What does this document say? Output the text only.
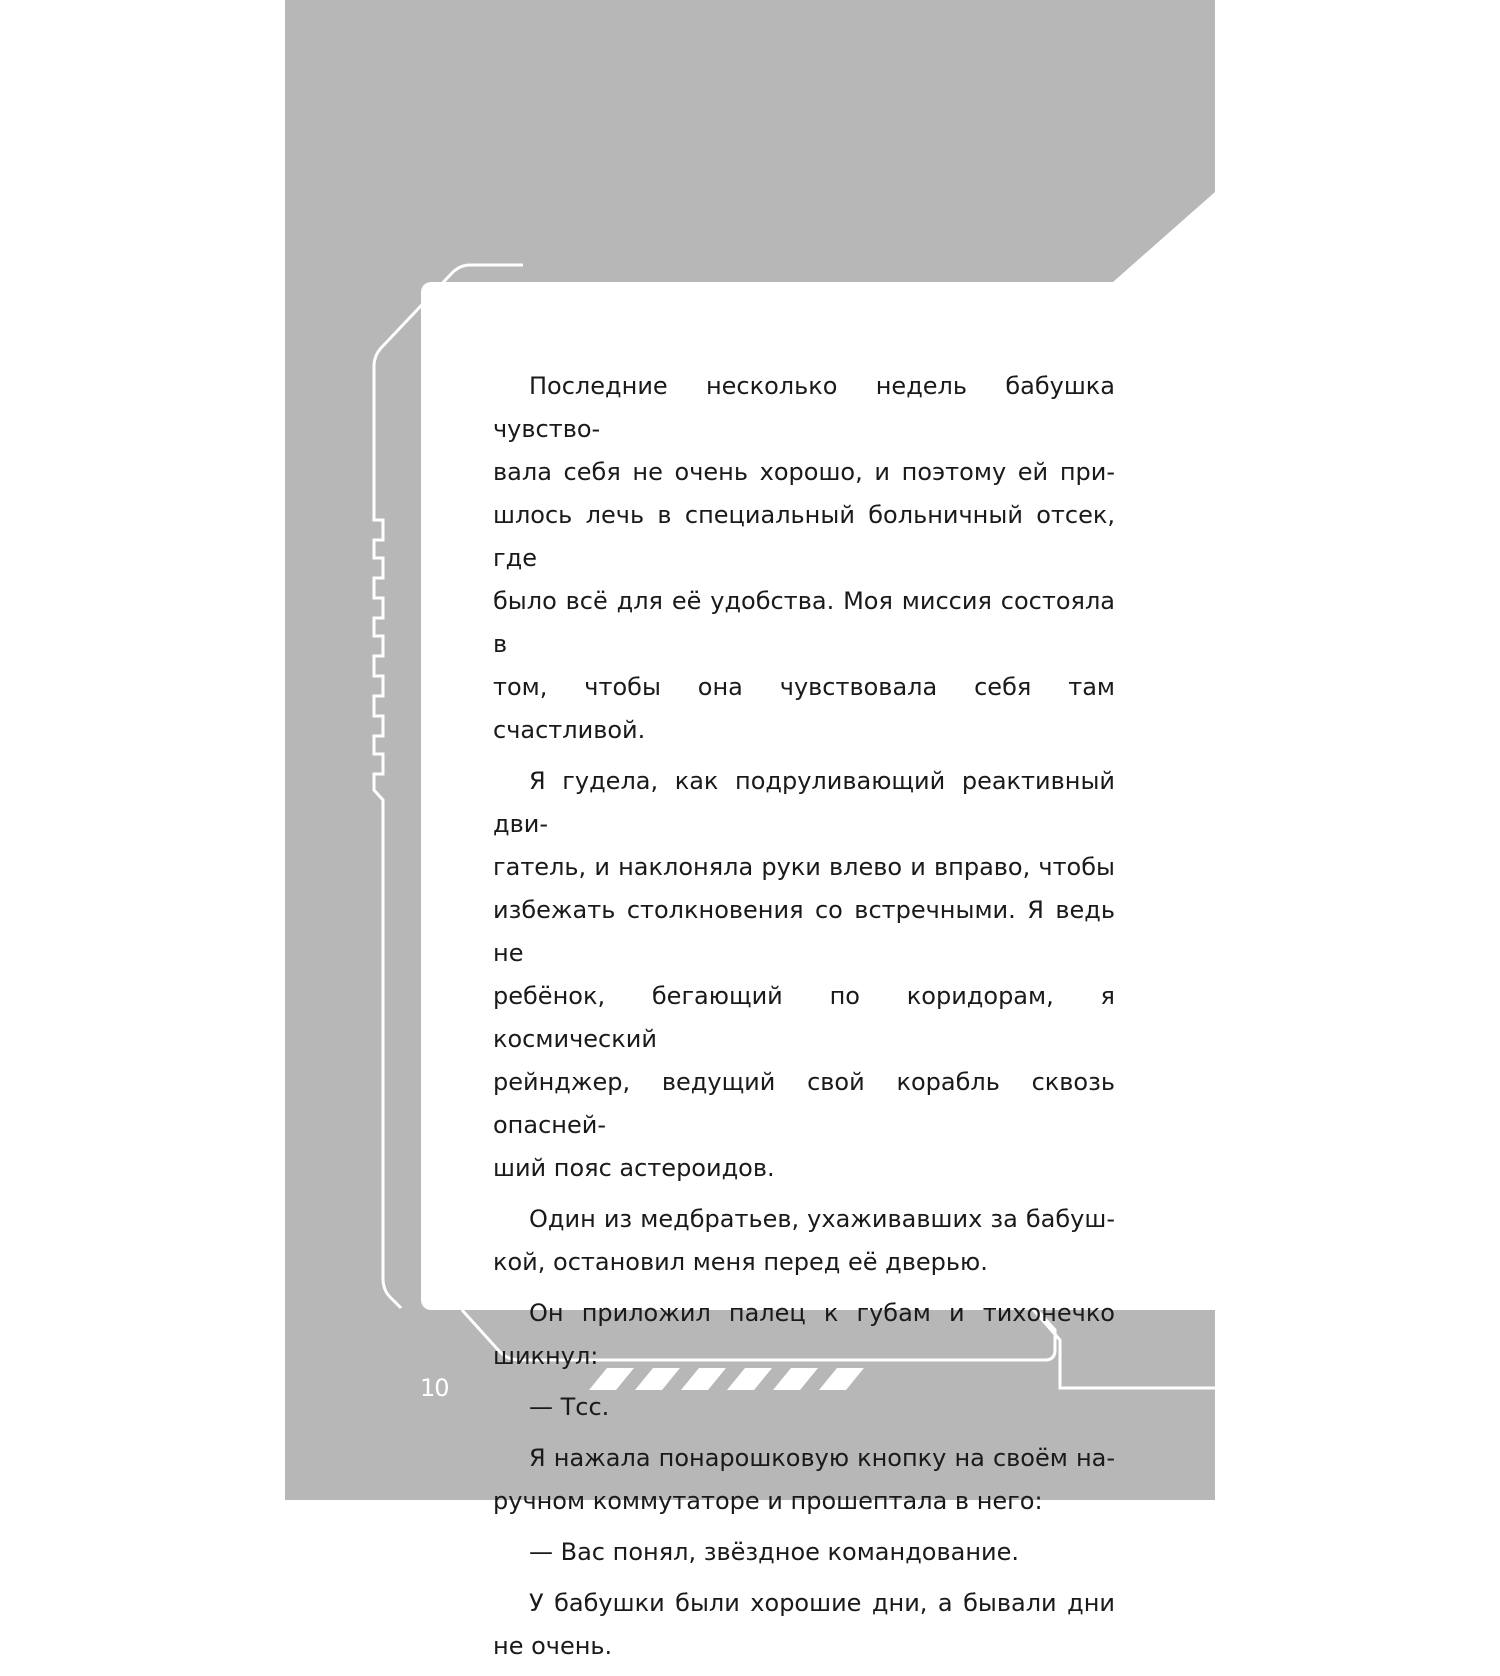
Последние несколько недель бабушка чувство-
вала себя не очень хорошо, и поэтому ей при-
шлось лечь в специальный больничный отсек, где
было всё для её удобства. Моя миссия состояла в
том, чтобы она чувствовала себя там счастливой.
Я гудела, как подруливающий реактивный дви-
гатель, и наклоняла руки влево и вправо, чтобы
избежать столкновения со встречными. Я ведь не
ребёнок, бегающий по коридорам, я космический
рейнджер, ведущий свой корабль сквозь опасней-
ший пояс астероидов.
Один из медбратьев, ухаживавших за бабуш-
кой, остановил меня перед её дверью.
Он приложил палец к губам и тихонечко шикнул:
— Тсс.
Я нажала понарошковую кнопку на своём на-
ручном коммутаторе и прошептала в него:
— Вас понял, звёздное командование.
У бабушки были хорошие дни, а бывали дни
не очень.
10
